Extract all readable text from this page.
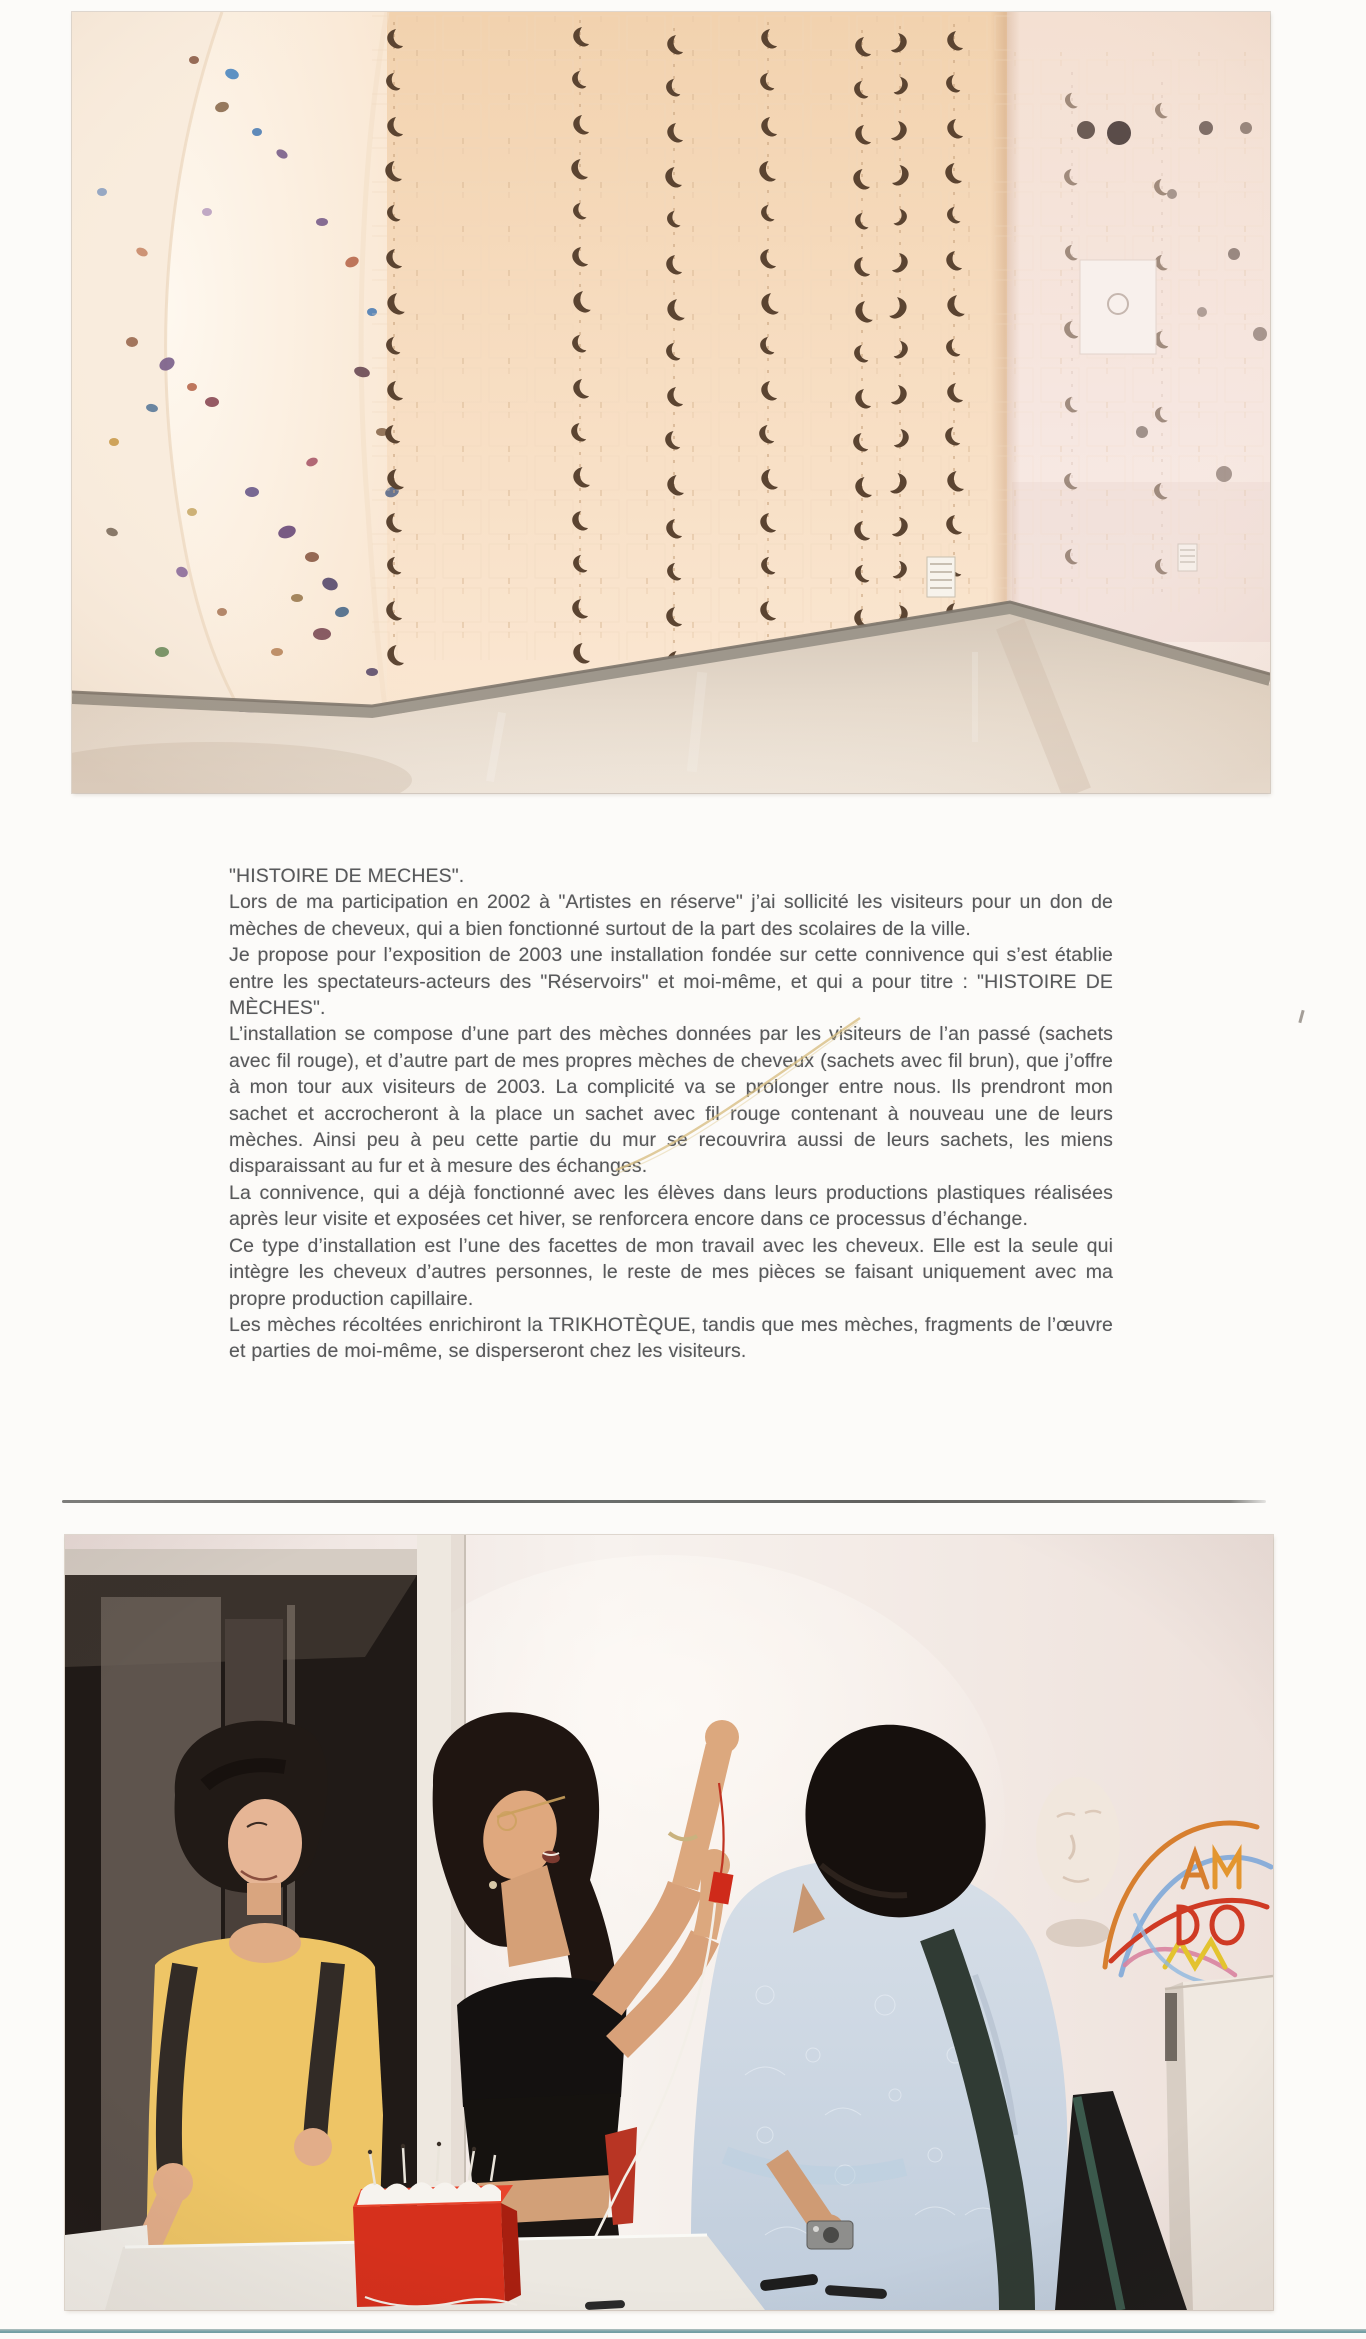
"HISTOIRE DE MECHES".

Lors de ma participation en 2002 à "Artistes en réserve" j’ai sollicité les visiteurs pour un don de mèches de cheveux, qui a bien fonctionné surtout de la part des scolaires de la ville.

Je propose pour l’exposition de 2003 une installation fondée sur cette connivence qui s’est établie entre les spectateurs-acteurs des "Réservoirs" et moi-même, et qui a pour titre : "HISTOIRE DE MÈCHES".

L’installation se compose d’une part des mèches données par les visiteurs de l’an passé (sachets avec fil rouge), et d’autre part de mes propres mèches de cheveux (sachets avec fil brun), que j’offre à mon tour aux visiteurs de 2003. La complicité va se prolonger entre nous. Ils prendront mon sachet et accrocheront à la place un sachet avec fil rouge contenant à nouveau une de leurs mèches. Ainsi peu à peu cette partie du mur se recouvrira aussi de leurs sachets, les miens disparaissant au fur et à mesure des échanges.

La connivence, qui a déjà fonctionné avec les élèves dans leurs productions plastiques réalisées après leur visite et exposées cet hiver, se renforcera encore dans ce processus d’échange.

Ce type d’installation est l’une des facettes de mon travail avec les cheveux. Elle est la seule qui intègre les cheveux d’autres personnes, le reste de mes pièces se faisant uniquement avec ma propre production capillaire.

Les mèches récoltées enrichiront la TRIKHOTÈQUE, tandis que mes mèches, fragments de l’œuvre et parties de moi-même, se disperseront chez les visiteurs.
